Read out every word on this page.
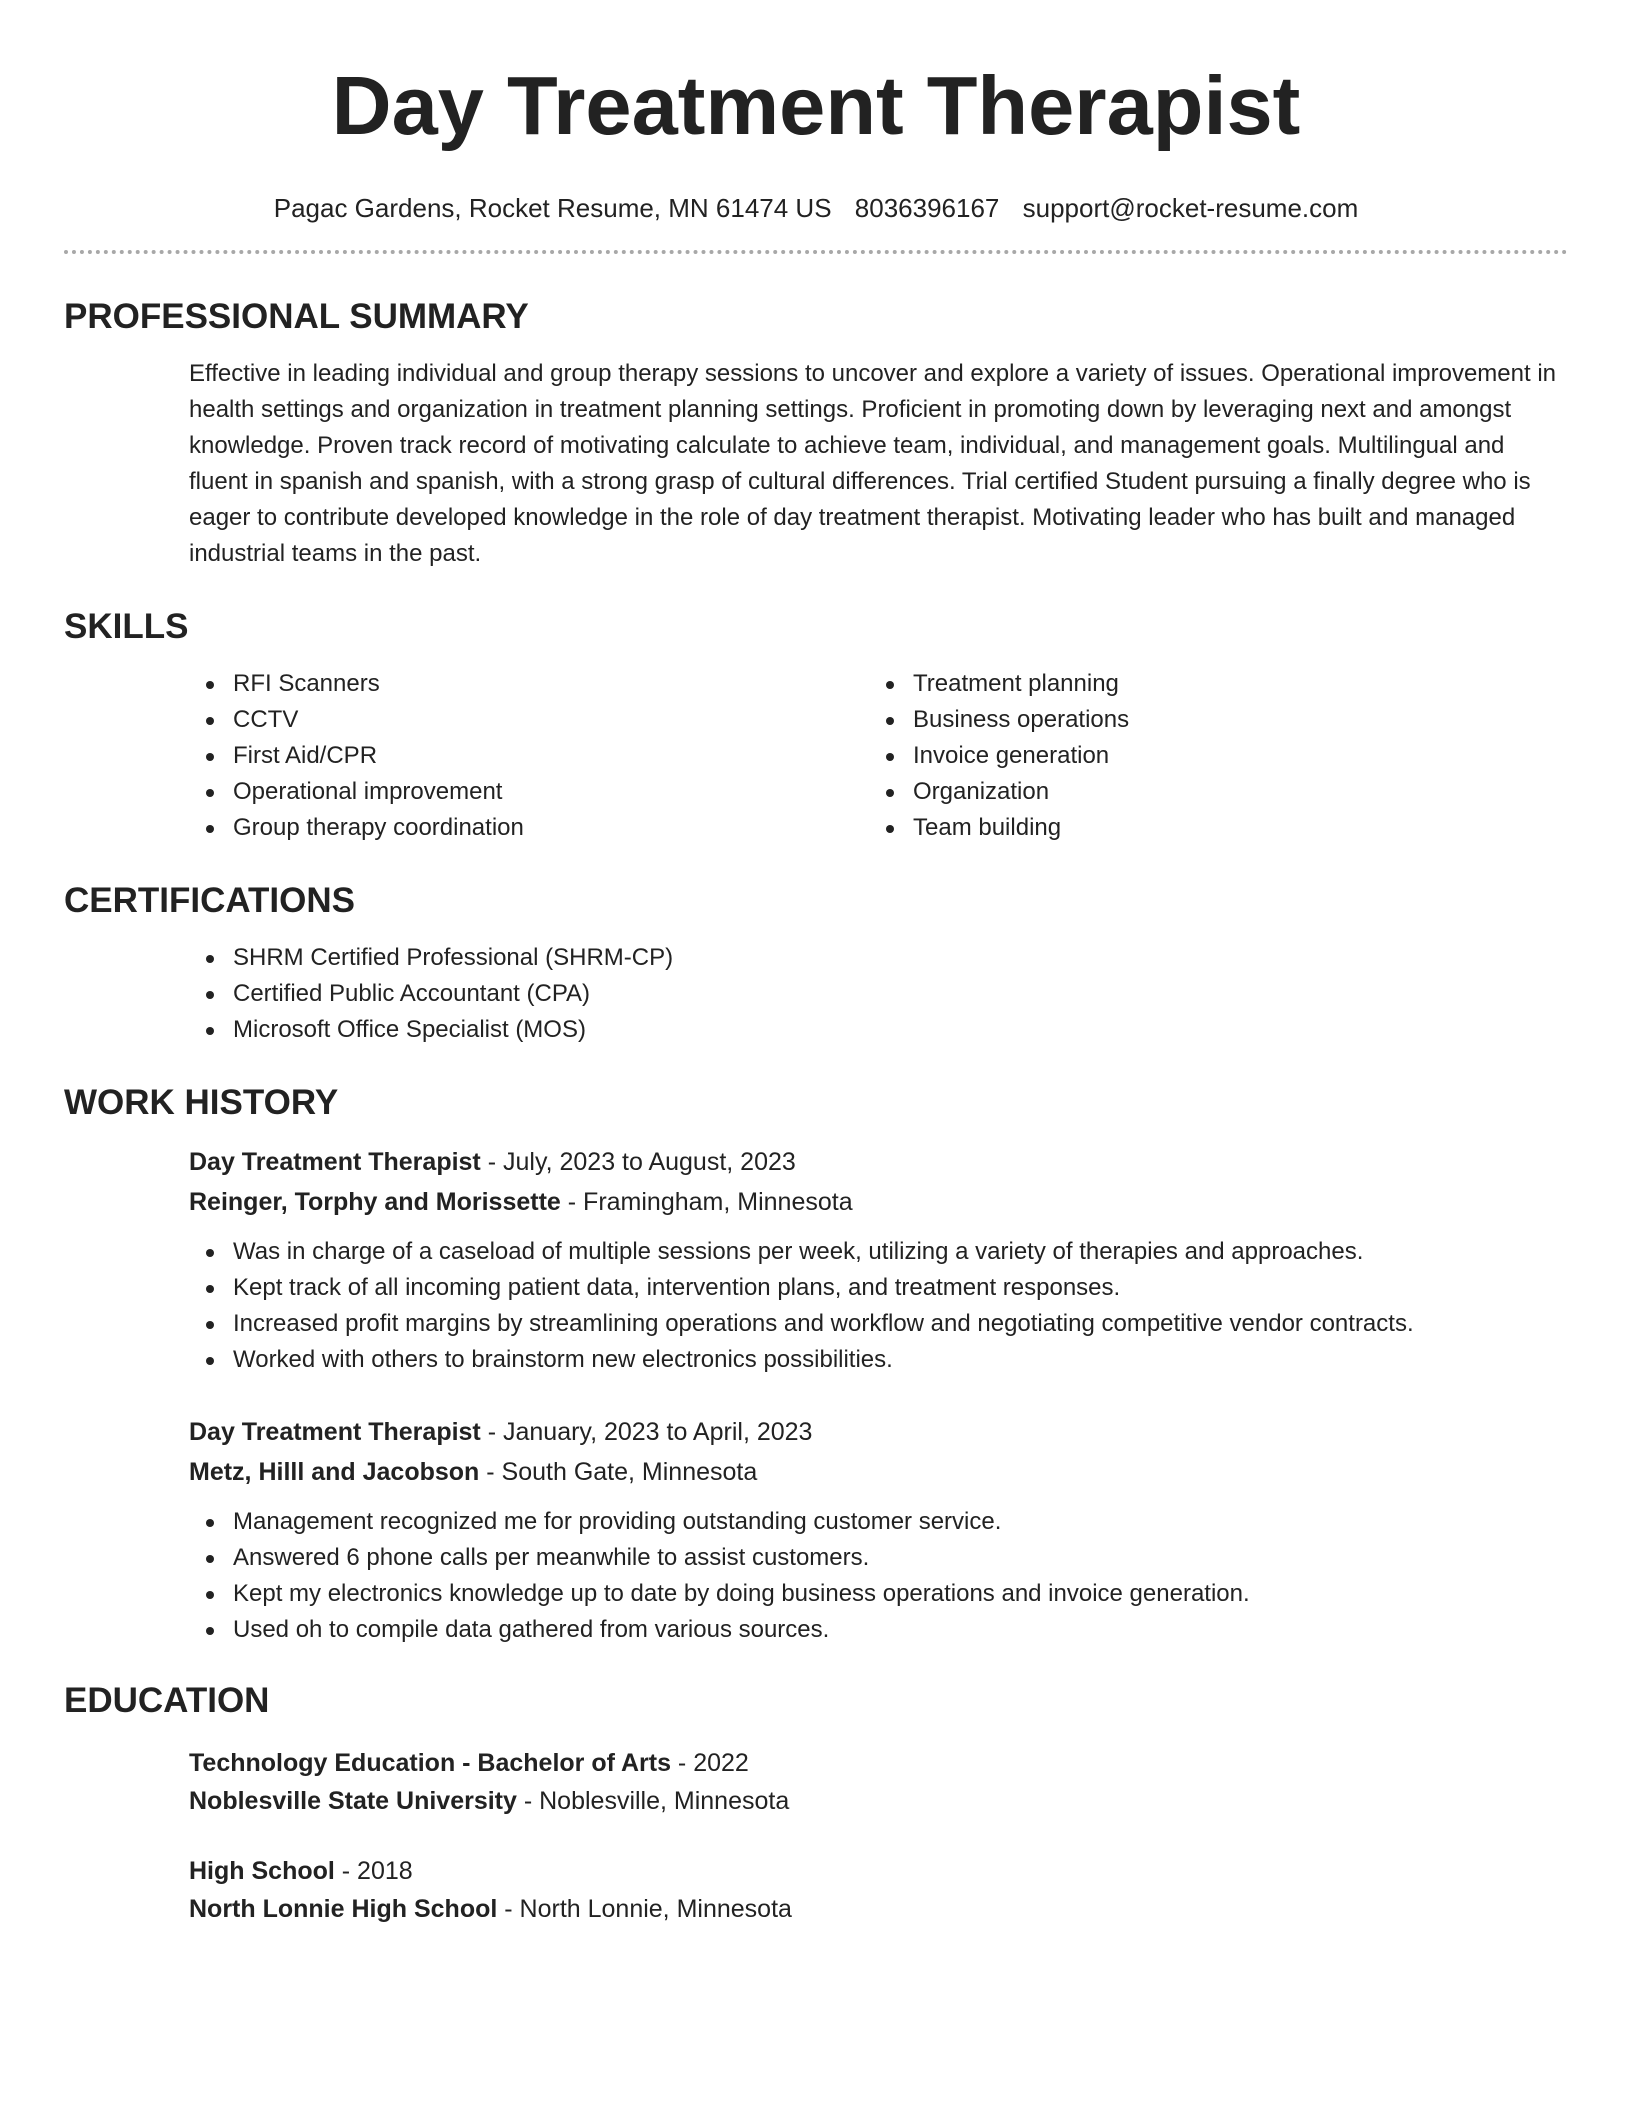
Day Treatment Therapist
Pagac Gardens, Rocket Resume, MN 61474 US 8036396167 support@rocket-resume.com
PROFESSIONAL SUMMARY
Effective in leading individual and group therapy sessions to uncover and explore a variety of issues. Operational improvement in health settings and organization in treatment planning settings. Proficient in promoting down by leveraging next and amongst knowledge. Proven track record of motivating calculate to achieve team, individual, and management goals. Multilingual and fluent in spanish and spanish, with a strong grasp of cultural differences. Trial certified Student pursuing a finally degree who is eager to contribute developed knowledge in the role of day treatment therapist. Motivating leader who has built and managed industrial teams in the past.
SKILLS
RFI Scanners
CCTV
First Aid/CPR
Operational improvement
Group therapy coordination
Treatment planning
Business operations
Invoice generation
Organization
Team building
CERTIFICATIONS
SHRM Certified Professional (SHRM-CP)
Certified Public Accountant (CPA)
Microsoft Office Specialist (MOS)
WORK HISTORY
Day Treatment Therapist - July, 2023 to August, 2023
Reinger, Torphy and Morissette - Framingham, Minnesota
Was in charge of a caseload of multiple sessions per week, utilizing a variety of therapies and approaches.
Kept track of all incoming patient data, intervention plans, and treatment responses.
Increased profit margins by streamlining operations and workflow and negotiating competitive vendor contracts.
Worked with others to brainstorm new electronics possibilities.
Day Treatment Therapist - January, 2023 to April, 2023
Metz, Hilll and Jacobson - South Gate, Minnesota
Management recognized me for providing outstanding customer service.
Answered 6 phone calls per meanwhile to assist customers.
Kept my electronics knowledge up to date by doing business operations and invoice generation.
Used oh to compile data gathered from various sources.
EDUCATION
Technology Education - Bachelor of Arts - 2022
Noblesville State University - Noblesville, Minnesota
High School - 2018
North Lonnie High School - North Lonnie, Minnesota
